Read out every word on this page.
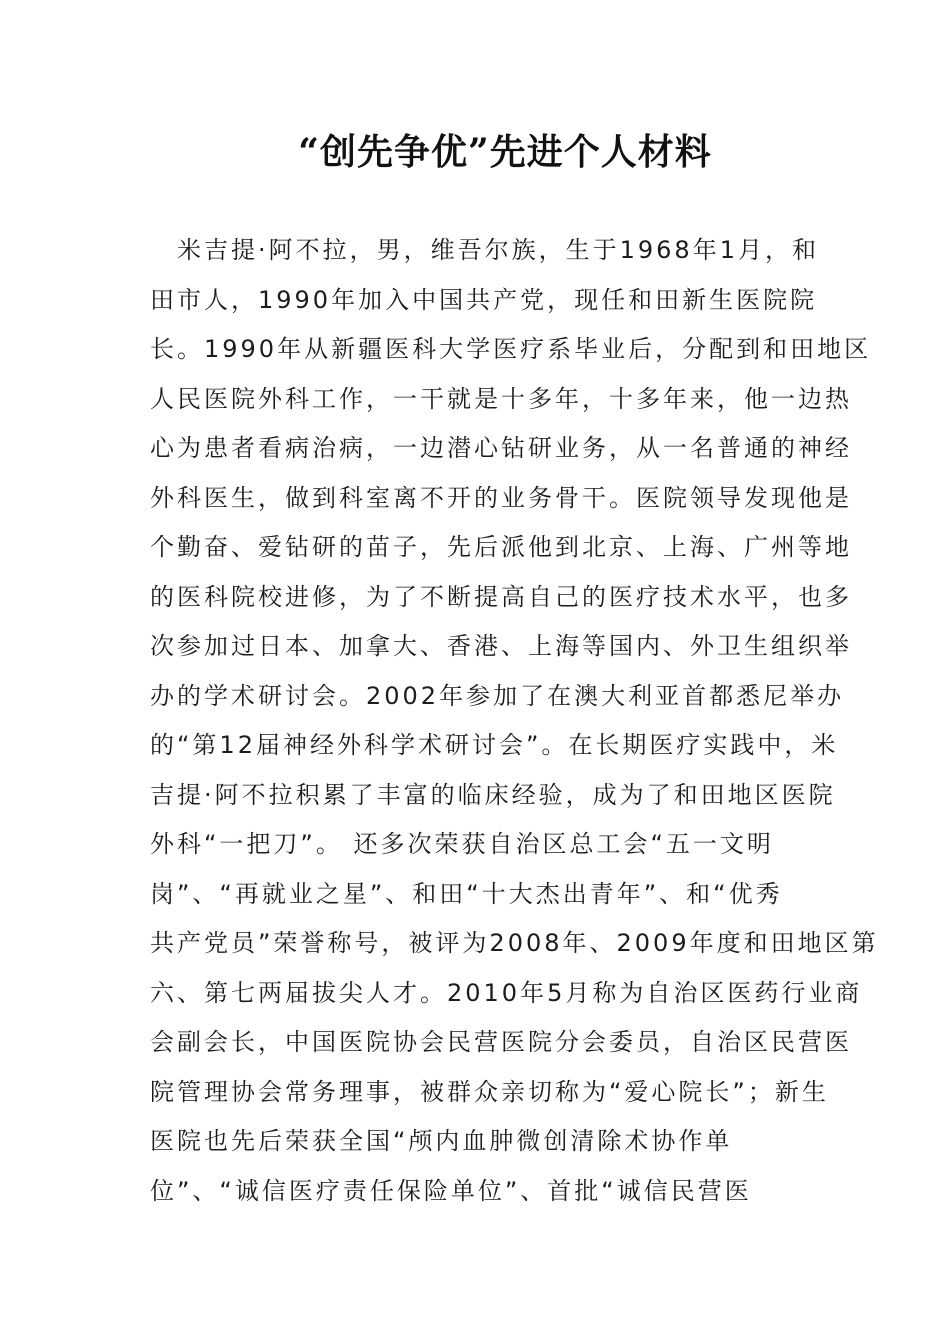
“创先争优”先进个人材料
　米吉提·阿不拉，男，维吾尔族，生于1968年1月，和
田市人，1990年加入中国共产党，现任和田新生医院院
长。1990年从新疆医科大学医疗系毕业后，分配到和田地区
人民医院外科工作，一干就是十多年，十多年来，他一边热
心为患者看病治病，一边潜心钻研业务，从一名普通的神经
外科医生，做到科室离不开的业务骨干。医院领导发现他是
个勤奋、爱钻研的苗子，先后派他到北京、上海、广州等地
的医科院校进修，为了不断提高自己的医疗技术水平，也多
次参加过日本、加拿大、香港、上海等国内、外卫生组织举
办的学术研讨会。2002年参加了在澳大利亚首都悉尼举办
的“第12届神经外科学术研讨会”。在长期医疗实践中，米
吉提·阿不拉积累了丰富的临床经验，成为了和田地区医院
外科“一把刀”。 还多次荣获自治区总工会“五一文明
岗”、“再就业之星”、和田“十大杰出青年”、和“优秀
共产党员”荣誉称号，被评为2008年、2009年度和田地区第
六、第七两届拔尖人才。2010年5月称为自治区医药行业商
会副会长，中国医院协会民营医院分会委员，自治区民营医
院管理协会常务理事，被群众亲切称为“爱心院长”；新生
医院也先后荣获全国“颅内血肿微创清除术协作单
位”、“诚信医疗责任保险单位”、首批“诚信民营医
